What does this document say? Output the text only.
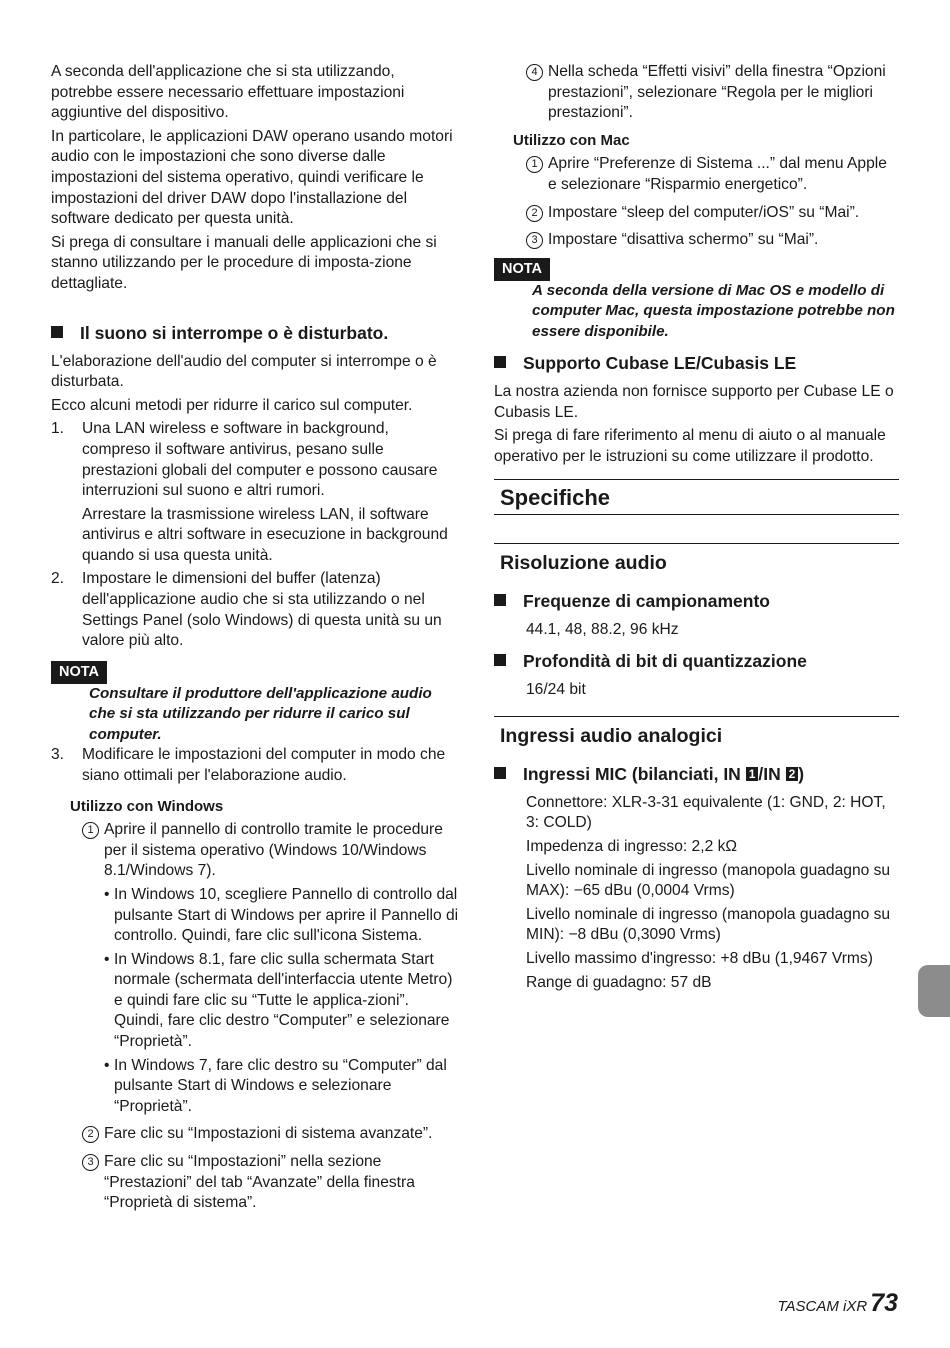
A seconda dell'applicazione che si sta utilizzando, potrebbe essere necessario effettuare impostazioni aggiuntive del dispositivo.

In particolare, le applicazioni DAW operano usando motori audio con le impostazioni che sono diverse dalle impostazioni del sistema operativo, quindi verificare le impostazioni del driver DAW dopo l'installazione del software dedicato per questa unità.

Si prega di consultare i manuali delle applicazioni che si stanno utilizzando per le procedure di imposta-zione dettagliate.

Il suono si interrompe o è disturbato.

L'elaborazione dell'audio del computer si interrompe o è disturbata.

Ecco alcuni metodi per ridurre il carico sul computer.

1. Una LAN wireless e software in background, compreso il software antivirus, pesano sulle prestazioni globali del computer e possono causare interruzioni sul suono e altri rumori.

Arrestare la trasmissione wireless LAN, il software antivirus e altri software in esecuzione in background quando si usa questa unità.

2. Impostare le dimensioni del buffer (latenza) dell'applicazione audio che si sta utilizzando o nel Settings Panel (solo Windows) di questa unità su un valore più alto.

NOTA
Consultare il produttore dell'applicazione audio che si sta utilizzando per ridurre il carico sul computer.
3. Modificare le impostazioni del computer in modo che siano ottimali per l'elaborazione audio.

Utilizzo con Windows
1 Aprire il pannello di controllo tramite le procedure per il sistema operativo (Windows 10/Windows 8.1/Windows 7).

• In Windows 10, scegliere Pannello di controllo dal pulsante Start di Windows per aprire il Pannello di controllo. Quindi, fare clic sull'icona Sistema.
• In Windows 8.1, fare clic sulla schermata Start normale (schermata dell'interfaccia utente Metro) e quindi fare clic su “Tutte le applica-zioni”. Quindi, fare clic destro “Computer” e selezionare “Proprietà”.
• In Windows 7, fare clic destro su “Computer” dal pulsante Start di Windows e selezionare “Proprietà”.
2 Fare clic su “Impostazioni di sistema avanzate”.

3 Fare clic su “Impostazioni” nella sezione “Prestazioni” del tab “Avanzate” della finestra “Proprietà di sistema”.

4 Nella scheda “Effetti visivi” della finestra “Opzioni prestazioni”, selezionare “Regola per le migliori prestazioni”.

Utilizzo con Mac
1 Aprire “Preferenze di Sistema ...” dal menu Apple e selezionare “Risparmio energetico”.

2 Impostare “sleep del computer/iOS” su “Mai”.

3 Impostare “disattiva schermo” su “Mai”.

NOTA
A seconda della versione di Mac OS e modello di computer Mac, questa impostazione potrebbe non essere disponibile.
Supporto Cubase LE/Cubasis LE

La nostra azienda non fornisce supporto per Cubase LE o Cubasis LE.

Si prega di fare riferimento al menu di aiuto o al manuale operativo per le istruzioni su come utilizzare il prodotto.

Specifiche
Risoluzione audio
Frequenze di campionamento

44.1, 48, 88.2, 96 kHz

Profondità di bit di quantizzazione

16/24 bit

Ingressi audio analogici
Ingressi MIC (bilanciati, IN 1 /IN 2 )

Connettore: XLR-3-31 equivalente (1: GND, 2: HOT, 3: COLD)

Impedenza di ingresso: 2,2 kΩ

Livello nominale di ingresso (manopola guadagno su MAX): −65 dBu (0,0004 Vrms)

Livello nominale di ingresso (manopola guadagno su MIN): −8 dBu (0,3090 Vrms)

Livello massimo d'ingresso: +8 dBu (1,9467 Vrms)

Range di guadagno: 57 dB

TASCAM iXR 73
